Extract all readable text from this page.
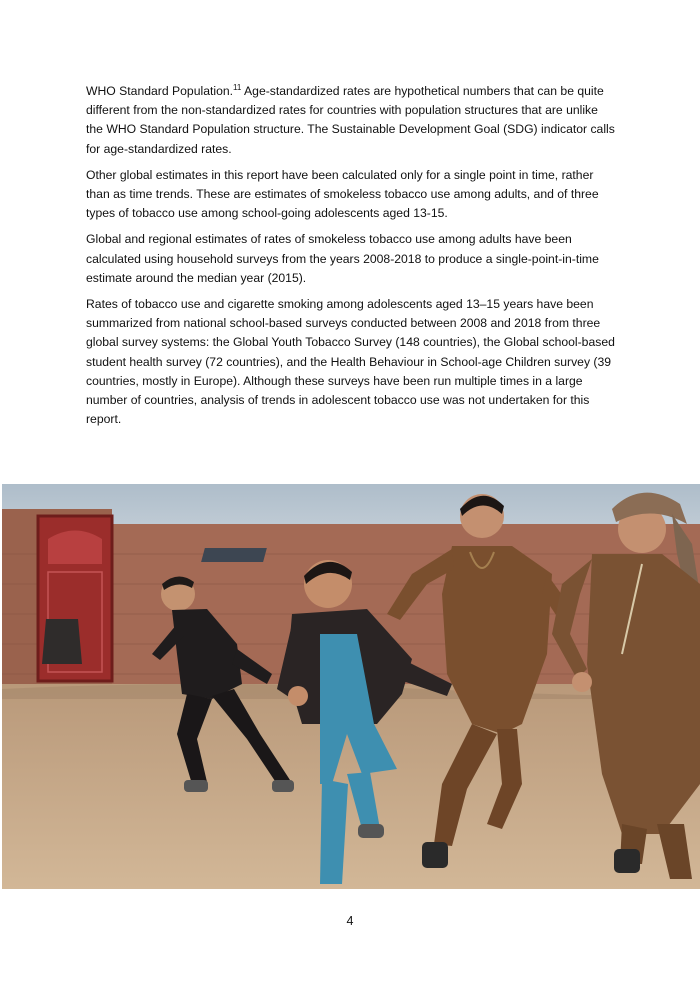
WHO Standard Population.$^{11}$ Age-standardized rates are hypothetical numbers that can be quite different from the non-standardized rates for countries with population structures that are unlike the WHO Standard Population structure. The Sustainable Development Goal (SDG) indicator calls for age-standardized rates.

Other global estimates in this report have been calculated only for a single point in time, rather than as time trends. These are estimates of smokeless tobacco use among adults, and of three types of tobacco use among school-going adolescents aged 13-15.

Global and regional estimates of rates of smokeless tobacco use among adults have been calculated using household surveys from the years 2008-2018 to produce a single-point-in-time estimate around the median year (2015).

Rates of tobacco use and cigarette smoking among adolescents aged 13–15 years have been summarized from national school-based surveys conducted between 2008 and 2018 from three global survey systems: the Global Youth Tobacco Survey (148 countries), the Global school-based student health survey (72 countries), and the Health Behaviour in School-age Children survey (39 countries, mostly in Europe). Although these surveys have been run multiple times in a large number of countries, analysis of trends in adolescent tobacco use was not undertaken for this report.

4
